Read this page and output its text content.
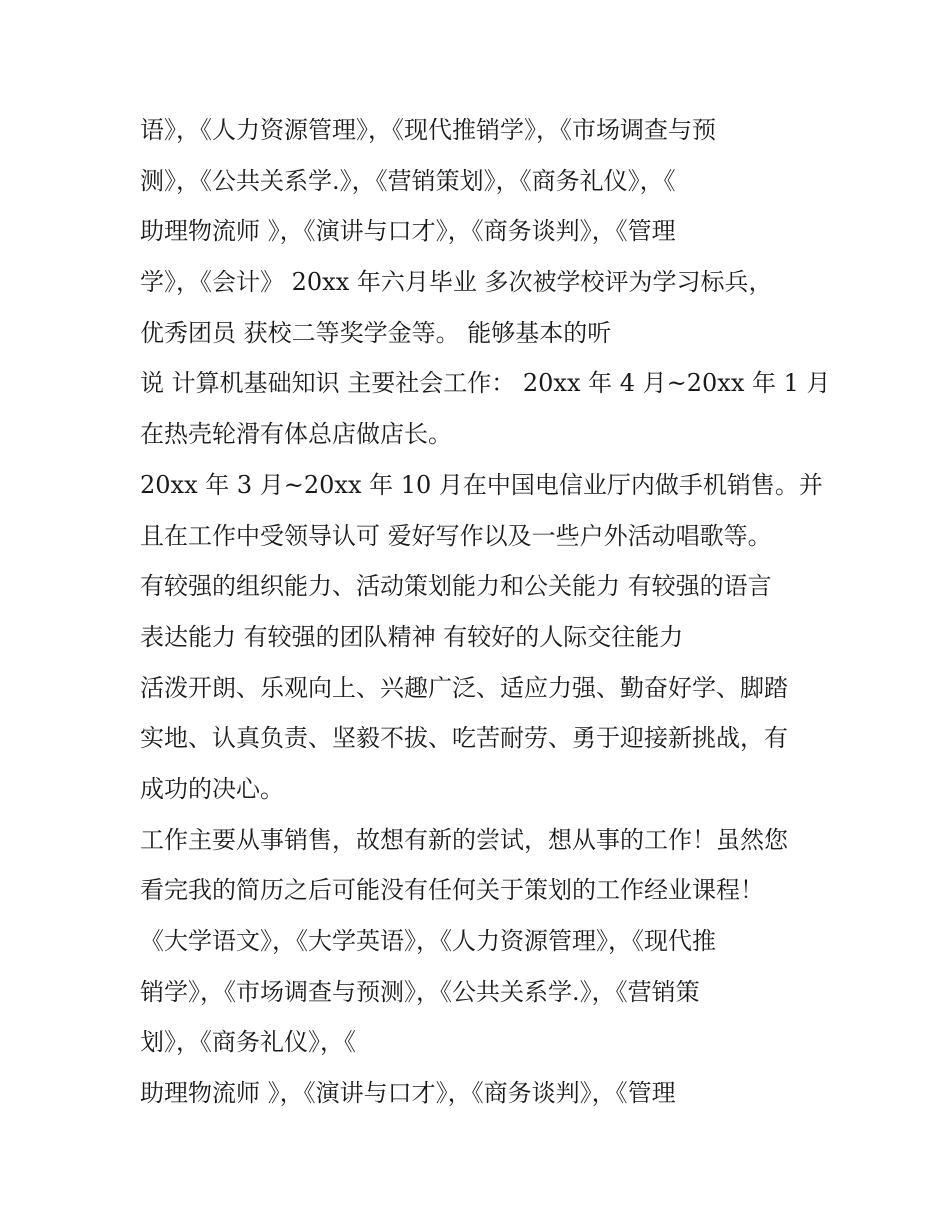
语》，《人力资源管理》，《现代推销学》，《市场调查与预
测》，《公共关系学.》，《营销策划》，《商务礼仪》，《
助理物流师 》，《演讲与口才》，《商务谈判》，《管理
学》，《会计》 20xx 年六月毕业 多次被学校评为学习标兵，
优秀团员 获校二等奖学金等。 能够基本的听
说 计算机基础知识 主要社会工作： 20xx 年 4 月~20xx 年 1 月
在热壳轮滑有体总店做店长。
20xx 年 3 月~20xx 年 10 月在中国电信业厅内做手机销售。并
且在工作中受领导认可 爱好写作以及一些户外活动唱歌等。
有较强的组织能力、活动策划能力和公关能力 有较强的语言
表达能力 有较强的团队精神 有较好的人际交往能力
活泼开朗、乐观向上、兴趣广泛、适应力强、勤奋好学、脚踏
实地、认真负责、坚毅不拔、吃苦耐劳、勇于迎接新挑战，有
成功的决心。
工作主要从事销售，故想有新的尝试，想从事的工作！虽然您
看完我的简历之后可能没有任何关于策划的工作经业课程！
《大学语文》，《大学英语》，《人力资源管理》，《现代推
销学》，《市场调查与预测》，《公共关系学.》，《营销策
划》，《商务礼仪》，《
助理物流师 》，《演讲与口才》，《商务谈判》，《管理
